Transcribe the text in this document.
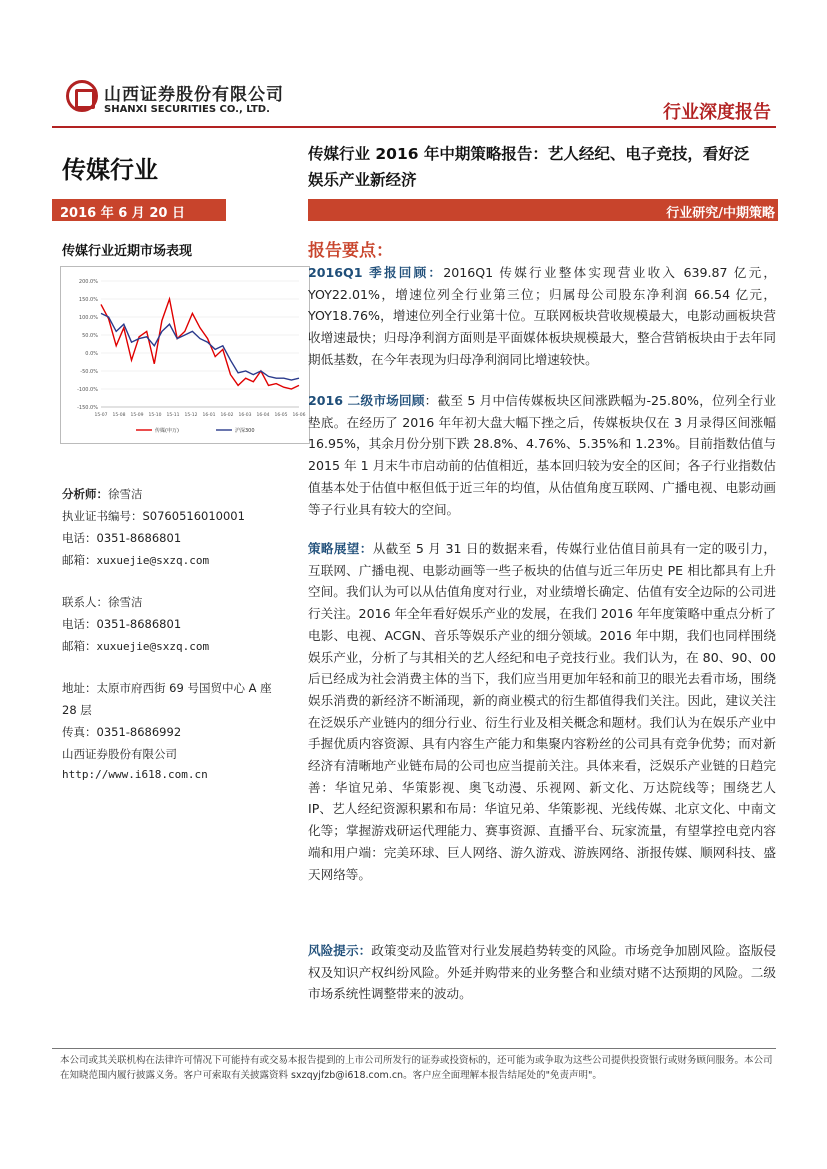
山西证券股份有限公司
SHANXI SECURITIES CO., LTD.	行业深度报告
传媒行业
传媒行业 2016 年中期策略报告：艺人经纪、电子竞技，看好泛
娱乐产业新经济
2016 年 6 月 20 日	行业研究/中期策略
传媒行业近期市场表现
200.0%
150.0%
100.0%
50.0%
0.0%
-50.0%
-100.0%
-150.0%
15-07 15-08 15-09 15-10 15-11 15-12 16-01 16-02 16-03 16-04 16-05 16-06
传媒(申万)	沪深300
分析师：徐雪洁
执业证书编号：S0760516010001
电话：0351-8686801
邮箱：xuxuejie@sxzq.com
联系人：徐雪洁
电话：0351-8686801
邮箱：xuxuejie@sxzq.com
地址：太原市府西街 69 号国贸中心 A 座
28 层
传真：0351-8686992
山西证券股份有限公司
http://www.i618.com.cn
报告要点：
2016Q1 季报回顾：2016Q1 传媒行业整体实现营业收入 639.87 亿元，YOY22.01%，增速位列全行业第三位；归属母公司股东净利润 66.54 亿元，YOY18.76%，增速位列全行业第十位。互联网板块营收规模最大，电影动画板块营收增速最快；归母净利润方面则是平面媒体板块规模最大，整合营销板块由于去年同期低基数，在今年表现为归母净利润同比增速较快。
2016 二级市场回顾：截至 5 月中信传媒板块区间涨跌幅为-25.80%，位列全行业垫底。在经历了 2016 年年初大盘大幅下挫之后，传媒板块仅在 3 月录得区间涨幅 16.95%，其余月份分别下跌 28.8%、4.76%、5.35%和 1.23%。目前指数估值与 2015 年 1 月末牛市启动前的估值相近，基本回归较为安全的区间；各子行业指数估值基本处于估值中枢但低于近三年的均值，从估值角度互联网、广播电视、电影动画等子行业具有较大的空间。
策略展望：从截至 5 月 31 日的数据来看，传媒行业估值目前具有一定的吸引力，互联网、广播电视、电影动画等一些子板块的估值与近三年历史 PE 相比都具有上升空间。我们认为可以从估值角度对行业，对业绩增长确定、估值有安全边际的公司进行关注。2016 年全年看好娱乐产业的发展，在我们 2016 年年度策略中重点分析了电影、电视、ACGN、音乐等娱乐产业的细分领域。2016 年中期，我们也同样围绕娱乐产业，分析了与其相关的艺人经纪和电子竞技行业。我们认为，在 80、90、00 后已经成为社会消费主体的当下，我们应当用更加年轻和前卫的眼光去看市场，围绕娱乐消费的新经济不断涌现，新的商业模式的衍生都值得我们关注。因此，建议关注在泛娱乐产业链内的细分行业、衍生行业及相关概念和题材。我们认为在娱乐产业中手握优质内容资源、具有内容生产能力和集聚内容粉丝的公司具有竞争优势；而对新经济有清晰地产业链布局的公司也应当提前关注。具体来看，泛娱乐产业链的日趋完善：华谊兄弟、华策影视、奥飞动漫、乐视网、新文化、万达院线等；围绕艺人 IP、艺人经纪资源积累和布局：华谊兄弟、华策影视、光线传媒、北京文化、中南文化等；掌握游戏研运代理能力、赛事资源、直播平台、玩家流量，有望掌控电竞内容端和用户端：完美环球、巨人网络、游久游戏、游族网络、浙报传媒、顺网科技、盛天网络等。
风险提示：政策变动及监管对行业发展趋势转变的风险。市场竞争加剧风险。盗版侵权及知识产权纠纷风险。外延并购带来的业务整合和业绩对赌不达预期的风险。二级市场系统性调整带来的波动。
本公司或其关联机构在法律许可情况下可能持有或交易本报告提到的上市公司所发行的证券或投资标的，还可能为或争取为这些公司提供投资银行或财务顾问服务。本公司在知晓范围内履行披露义务。客户可索取有关披露资料 sxzqyjfzb@i618.com.cn。客户应全面理解本报告结尾处的"免责声明"。
